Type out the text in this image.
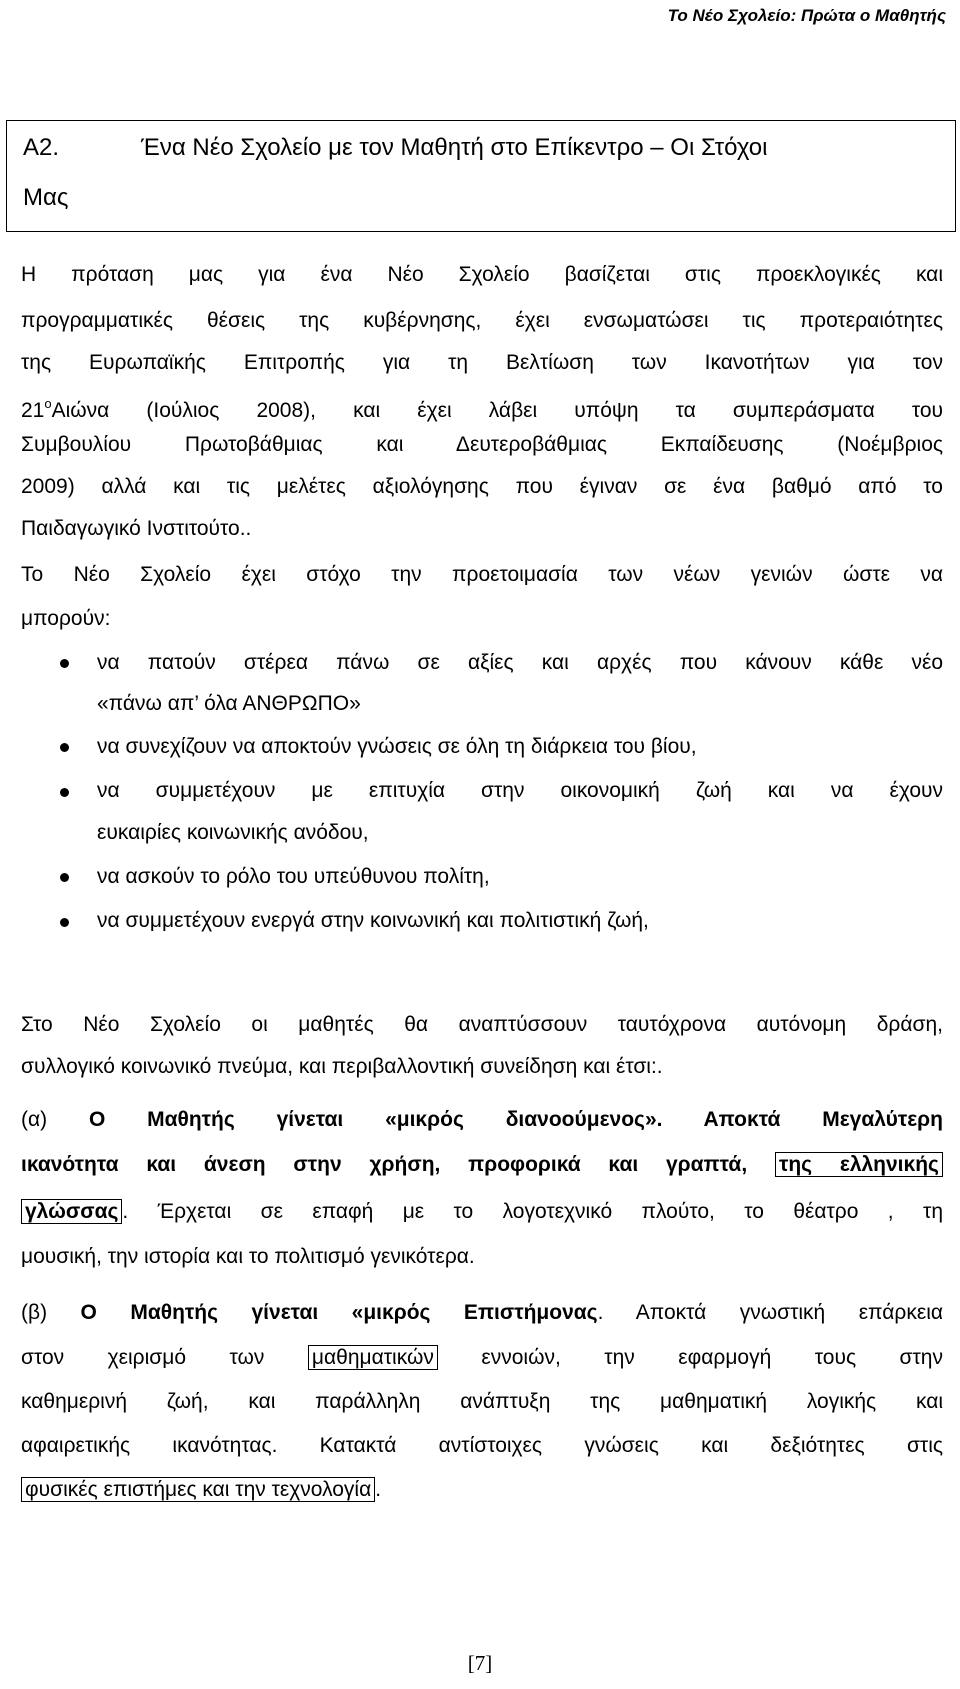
Το Νέο Σχολείο: Πρώτα ο Μαθητής
Α2.	Ένα Νέο Σχολείο με τον Μαθητή στο Επίκεντρο – Οι Στόχοι
Μας
Η πρόταση μας για ένα Νέο Σχολείο βασίζεται στις προεκλογικές και
προγραμματικές θέσεις της κυβέρνησης, έχει ενσωματώσει τις προτεραιότητες
της Ευρωπαϊκής Επιτροπής για τη Βελτίωση των Ικανοτήτων για τον
$21^oA\iota ώ\nu\alpha$ (Ιούλιος 2008), και έχει λάβει υπόψη τα συμπεράσματα του
Συμβουλίου Πρωτοβάθμιας και Δευτεροβάθμιας Εκπαίδευσης (Νοέμβριος
2009) αλλά και τις μελέτες αξιολόγησης που έγιναν σε ένα βαθμό από το
Παιδαγωγικό Ινστιτούτο..
Το Νέο Σχολείο έχει στόχο την προετοιμασία των νέων γενιών ώστε να
μπορούν:
να πατούν στέρεα πάνω σε αξίες και αρχές που κάνουν κάθε νέο
«πάνω απ’ όλα ΑΝΘΡΩΠΟ»
να συνεχίζουν να αποκτούν γνώσεις σε όλη τη διάρκεια του βίου,
να συμμετέχουν με επιτυχία στην οικονομική ζωή και να έχουν
ευκαιρίες κοινωνικής ανόδου,
να ασκούν το ρόλο του υπεύθυνου πολίτη,
να συμμετέχουν ενεργά στην κοινωνική και πολιτιστική ζωή,
Στο Νέο Σχολείο οι μαθητές θα αναπτύσσουν ταυτόχρονα αυτόνομη δράση,
συλλογικό κοινωνικό πνεύμα, και περιβαλλοντική συνείδηση και έτσι:.
(α) Ο Μαθητής γίνεται «μικρός διανοούμενος». Αποκτά Μεγαλύτερη
ικανότητα και άνεση στην χρήση, προφορικά και γραπτά, της ελληνικής
γλώσσας . Έρχεται σε επαφή με το λογοτεχνικό πλούτο, το θέατρο , τη
μουσική, την ιστορία και το πολιτισμό γενικότερα.
(β) Ο Μαθητής γίνεται «μικρός Επιστήμονας. Αποκτά γνωστική επάρκεια
στον χειρισμό των μαθηματικών εννοιών, την εφαρμογή τους στην
καθημερινή ζωή, και παράλληλη ανάπτυξη της μαθηματική λογικής και
αφαιρετικής ικανότητας. Κατακτά αντίστοιχες γνώσεις και δεξιότητες στις
φυσικές επιστήμες και την τεχνολογία .
[7]
